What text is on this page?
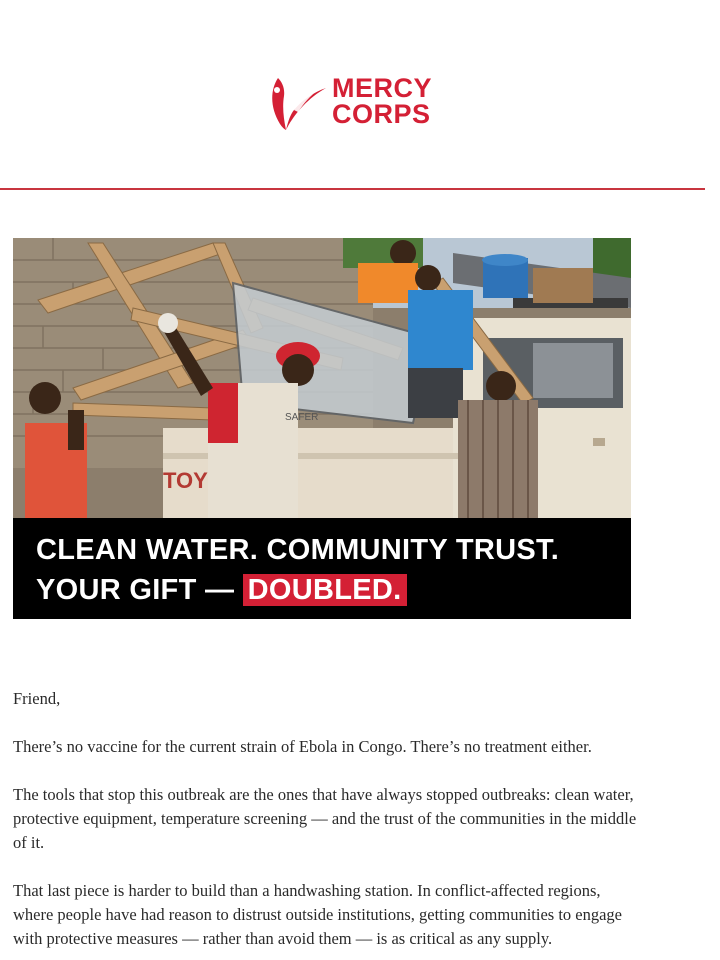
MERCY
CORPS
TOY
SAFER
CLEAN WATER. COMMUNITY TRUST.
YOUR GIFT — DOUBLED.
Friend,
There’s no vaccine for the current strain of Ebola in Congo. There’s no treatment either.
The tools that stop this outbreak are the ones that have always stopped outbreaks: clean water, protective equipment, temperature screening — and the trust of the communities in the middle of it.
That last piece is harder to build than a handwashing station. In conflict-affected regions, where people have had reason to distrust outside institutions, getting communities to engage with protective measures — rather than avoid them — is as critical as any supply.
